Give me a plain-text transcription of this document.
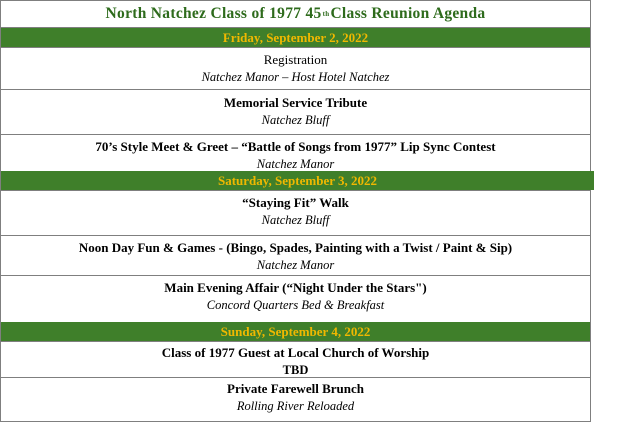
North Natchez Class of 1977 45 th Class Reunion Agenda
Friday, September 2, 2022
Registration
Natchez Manor – Host Hotel Natchez
Memorial Service Tribute
Natchez Bluff
70’s Style Meet & Greet – “Battle of Songs from 1977” Lip Sync Contest
Natchez Manor
Saturday, September 3, 2022
“Staying Fit” Walk
Natchez Bluff
Noon Day Fun & Games - (Bingo, Spades, Painting with a Twist / Paint & Sip)
Natchez Manor
Main Evening Affair (“Night Under the Stars")
Concord Quarters Bed & Breakfast
Sunday, September 4, 2022
Class of 1977 Guest at Local Church of Worship
TBD
Private Farewell Brunch
Rolling River Reloaded
